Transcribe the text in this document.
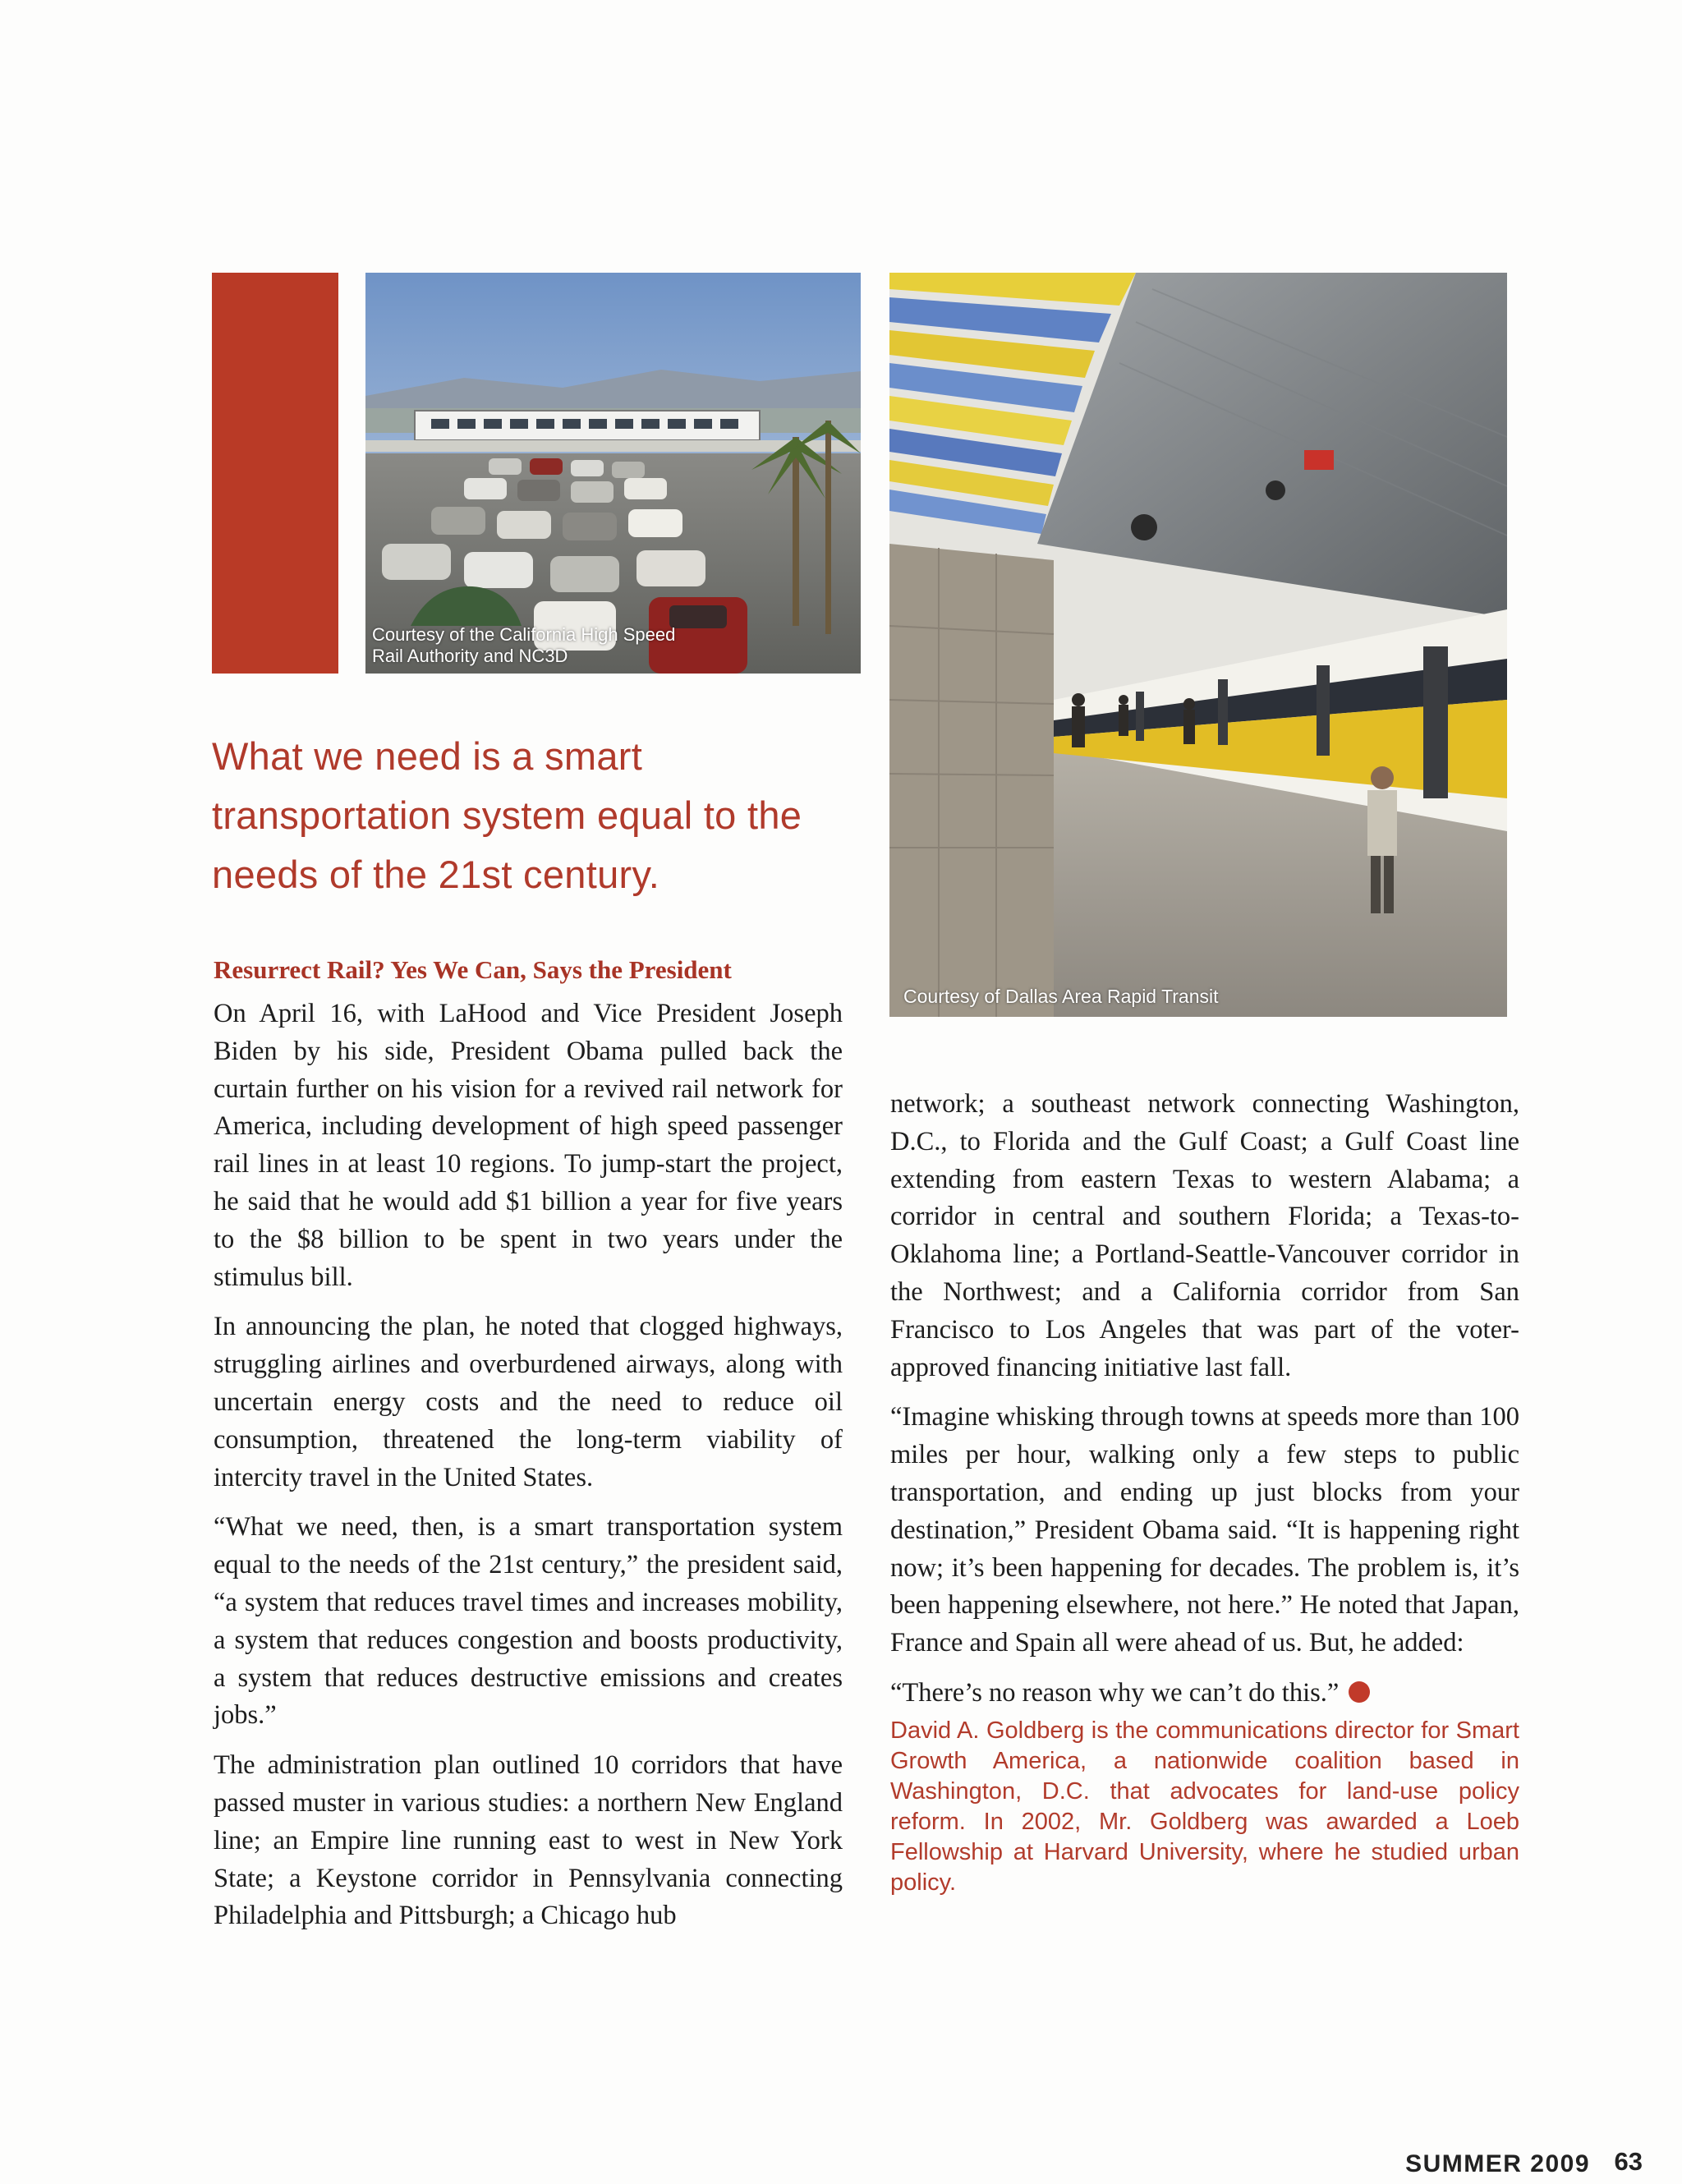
Courtesy of the California High Speed Rail Authority and NC3D
Courtesy of Dallas Area Rapid Transit
What we need is a smart transportation system equal to the needs of the 21st century.
Resurrect Rail? Yes We Can, Says the President

On April 16, with LaHood and Vice President Joseph Biden by his side, President Obama pulled back the curtain further on his vision for a revived rail network for America, including development of high speed passenger rail lines in at least 10 regions. To jump-start the project, he said that he would add $1 billion a year for five years to the $8 billion to be spent in two years under the stimulus bill.

In announcing the plan, he noted that clogged highways, struggling airlines and overburdened airways, along with uncertain energy costs and the need to reduce oil consumption, threatened the long-term viability of intercity travel in the United States.

“What we need, then, is a smart transportation system equal to the needs of the 21st century,” the president said, “a system that reduces travel times and increases mobility, a system that reduces congestion and boosts productivity, a system that reduces destructive emissions and creates jobs.”

The administration plan outlined 10 corridors that have passed muster in various studies: a northern New England line; an Empire line running east to west in New York State; a Keystone corridor in Pennsylvania connecting Philadelphia and Pittsburgh; a Chicago hub

network; a southeast network connecting Washington, D.C., to Florida and the Gulf Coast; a Gulf Coast line extending from eastern Texas to western Alabama; a corridor in central and southern Florida; a Texas-to-Oklahoma line; a Portland-Seattle-Vancouver corridor in the Northwest; and a California corridor from San Francisco to Los Angeles that was part of the voter-approved financing initiative last fall.

“Imagine whisking through towns at speeds more than 100 miles per hour, walking only a few steps to public transportation, and ending up just blocks from your destination,” President Obama said. “It is happening right now; it’s been happening for decades. The problem is, it’s been happening elsewhere, not here.” He noted that Japan, France and Spain all were ahead of us. But, he added:

“There’s no reason why we can’t do this.”

David A. Goldberg is the communications director for Smart Growth America, a nationwide coalition based in Washington, D.C. that advocates for land-use policy reform. In 2002, Mr. Goldberg was awarded a Loeb Fellowship at Harvard University, where he studied urban policy.
SUMMER 2009 63
